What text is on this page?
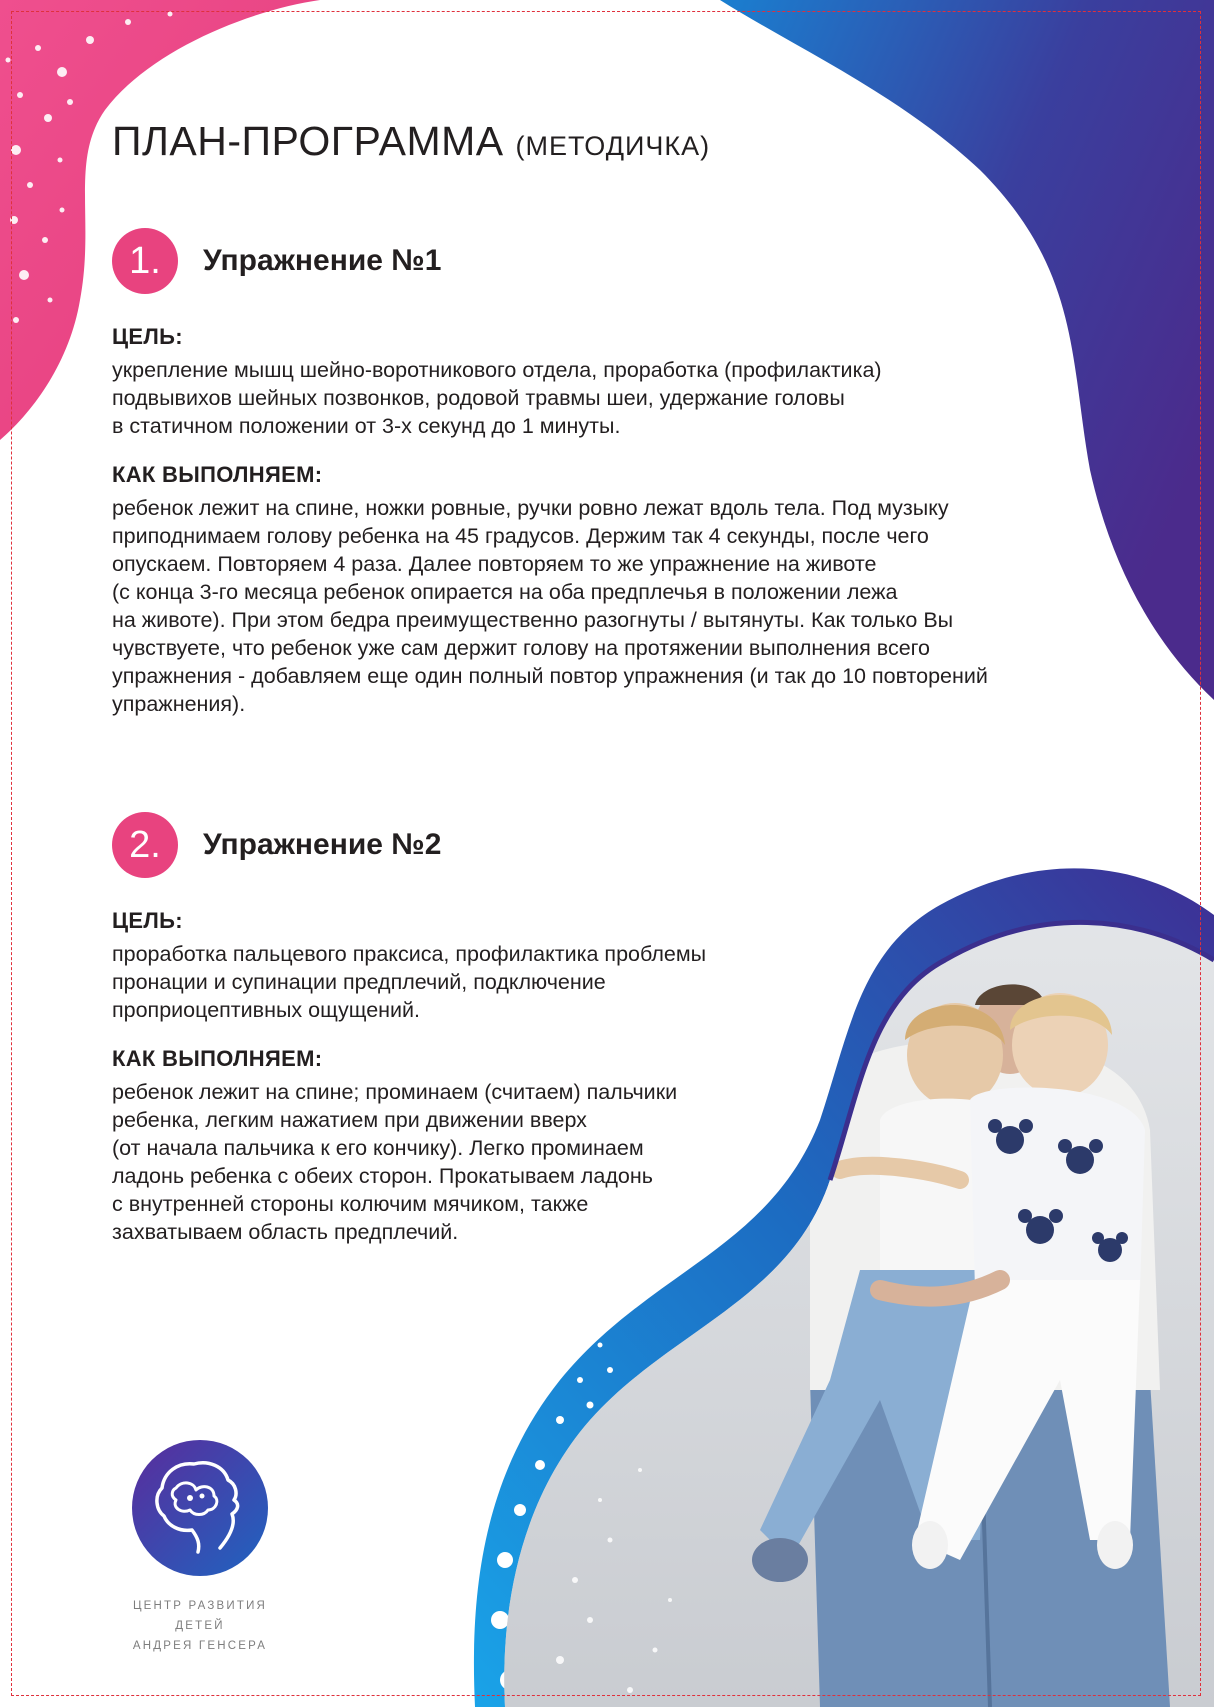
ПЛАН-ПРОГРАММА (МЕТОДИЧКА)
1.	Упражнение №1
ЦЕЛЬ:
укрепление мышц шейно-воротникового отдела, проработка (профилактика)
подвывихов шейных позвонков, родовой травмы шеи, удержание головы
в статичном положении от 3-х секунд до 1 минуты.
КАК ВЫПОЛНЯЕМ:
ребенок лежит на спине, ножки ровные, ручки ровно лежат вдоль тела. Под музыку
приподнимаем голову ребенка на 45 градусов. Держим так 4 секунды, после чего
опускаем. Повторяем 4 раза. Далее повторяем то же упражнение на животе
(с конца 3-го месяца ребенок опирается на оба предплечья в положении лежа
на животе). При этом бедра преимущественно разогнуты / вытянуты. Как только Вы
чувствуете, что ребенок уже сам держит голову на протяжении выполнения всего
упражнения - добавляем еще один полный повтор упражнения (и так до 10 повторений
упражнения).
2.	Упражнение №2
ЦЕЛЬ:
проработка пальцевого праксиса, профилактика проблемы
пронации и супинации предплечий, подключение
проприоцептивных ощущений.
КАК ВЫПОЛНЯЕМ:
ребенок лежит на спине; проминаем (считаем) пальчики
ребенка, легким нажатием при движении вверх
(от начала пальчика к его кончику). Легко проминаем
ладонь ребенка с обеих сторон. Прокатываем ладонь
с внутренней стороны колючим мячиком, также
захватываем область предплечий.
ЦЕНТР РАЗВИТИЯ ДЕТЕЙ
АНДРЕЯ ГЕНСЕРА
